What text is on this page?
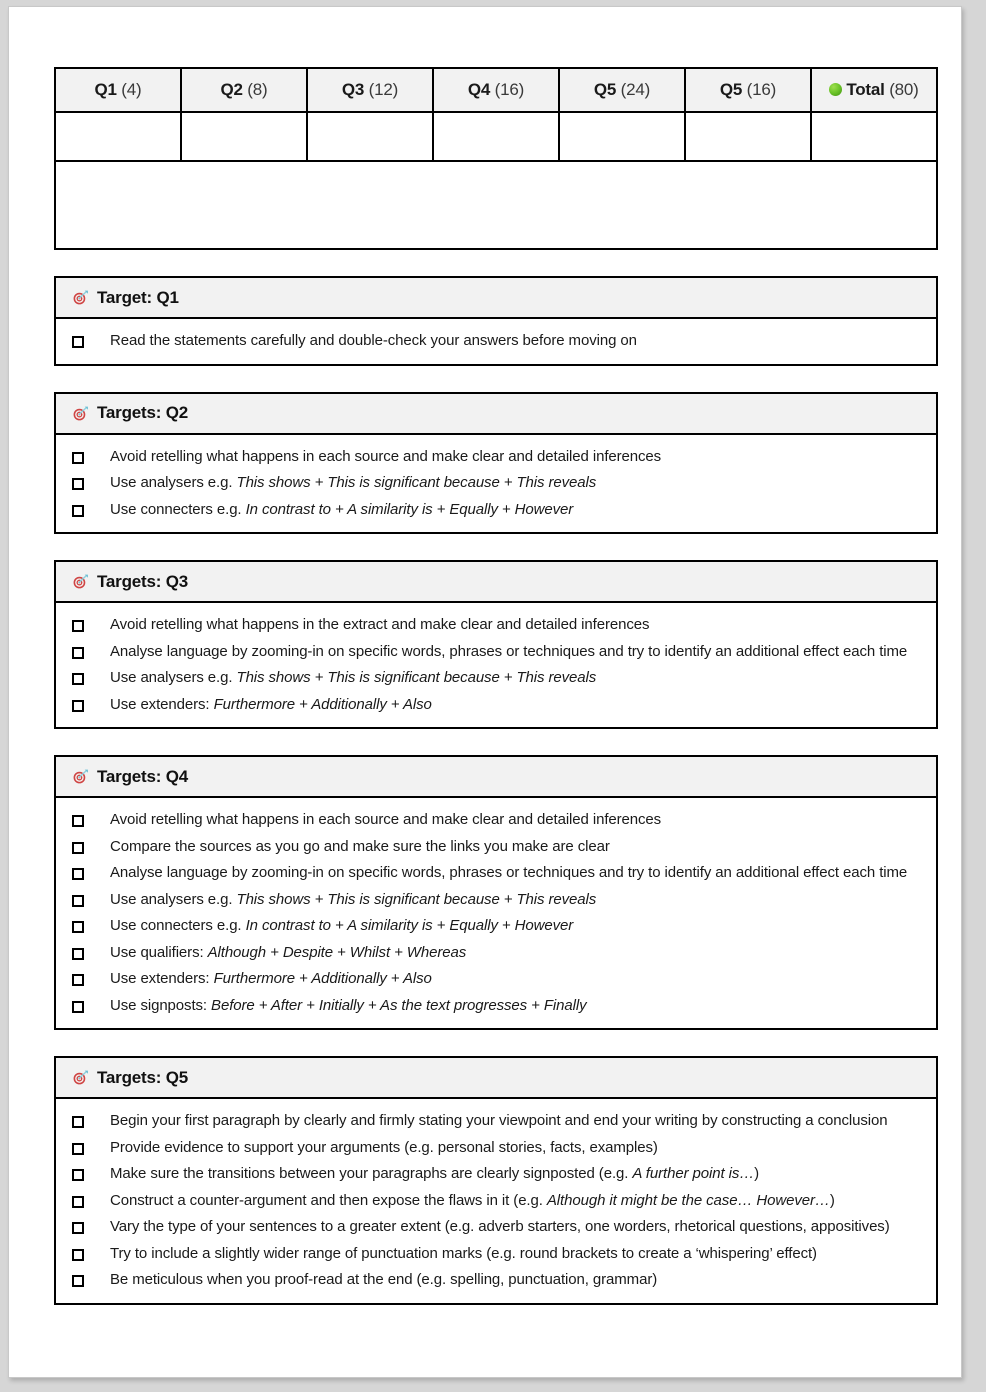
Q1 (4)	Q2 (8)	Q3 (12)	Q4 (16)	Q5 (24)	Q5 (16)	Total (80)

Target: Q1
Read the statements carefully and double-check your answers before moving on
Targets: Q2
Avoid retelling what happens in each source and make clear and detailed inferences
Use analysers e.g. This shows + This is significant because + This reveals
Use connecters e.g. In contrast to + A similarity is + Equally + However
Targets: Q3
Avoid retelling what happens in the extract and make clear and detailed inferences
Analyse language by zooming-in on specific words, phrases or techniques and try to identify an additional effect each time
Use analysers e.g. This shows + This is significant because + This reveals
Use extenders: Furthermore + Additionally + Also
Targets: Q4
Avoid retelling what happens in each source and make clear and detailed inferences
Compare the sources as you go and make sure the links you make are clear
Analyse language by zooming-in on specific words, phrases or techniques and try to identify an additional effect each time
Use analysers e.g. This shows + This is significant because + This reveals
Use connecters e.g. In contrast to + A similarity is + Equally + However
Use qualifiers: Although + Despite + Whilst + Whereas
Use extenders: Furthermore + Additionally + Also
Use signposts: Before + After + Initially + As the text progresses + Finally
Targets: Q5
Begin your first paragraph by clearly and firmly stating your viewpoint and end your writing by constructing a conclusion
Provide evidence to support your arguments (e.g. personal stories, facts, examples)
Make sure the transitions between your paragraphs are clearly signposted (e.g. A further point is…)
Construct a counter-argument and then expose the flaws in it (e.g. Although it might be the case… However…)
Vary the type of your sentences to a greater extent (e.g. adverb starters, one worders, rhetorical questions, appositives)
Try to include a slightly wider range of punctuation marks (e.g. round brackets to create a ‘whispering’ effect)
Be meticulous when you proof-read at the end (e.g. spelling, punctuation, grammar)
